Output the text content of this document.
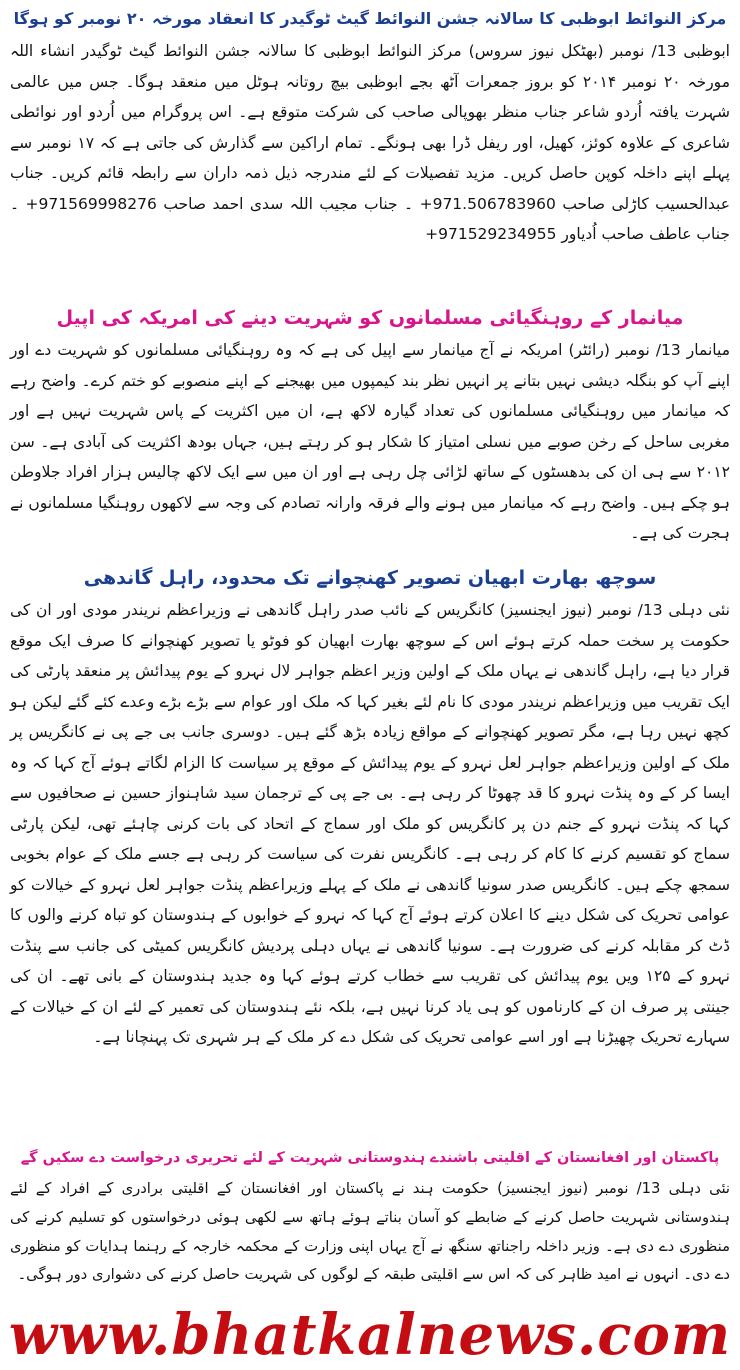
مرکز النوائط ابوظبی کا سالانہ جشن النوائط گیٹ ٹوگیدر کا انعقاد مورخہ ۲۰ نومبر کو ہوگا

ابوظبی 13/ نومبر (بھٹکل نیوز سروس) مرکز النوائط ابوظبی کا سالانہ جشن النوائط گیٹ ٹوگیدر انشاء اللہ مورخہ ۲۰ نومبر ۲۰۱۴ کو بروز جمعرات آٹھ بجے ابوظبی بیچ روتانہ ہوٹل میں منعقد ہوگا۔ جس میں عالمی شہرت یافتہ اُردو شاعر جناب منظر بھوپالی صاحب کی شرکت متوقع ہے۔ اس پروگرام میں اُردو اور نوائطی شاعری کے علاوہ کوئز، کھیل، اور ریفل ڈرا بھی ہونگے۔ تمام اراکین سے گذارش کی جاتی ہے کہ ۱۷ نومبر سے پہلے اپنے داخلہ کوپن حاصل کریں۔ مزید تفصیلات کے لئے مندرجہ ذیل ذمہ داران سے رابطہ قائم کریں۔ جناب عبدالحسیب کاڑلی صاحب 971.506783960+ ۔ جناب مجیب اللہ سدی احمد صاحب 971569998276+ ۔ جناب عاطف صاحب اُدیاور 971529234955+

میانمار کے روہنگیائی مسلمانوں کو شہریت دینے کی امریکہ کی اپیل

میانمار 13/ نومبر (رائٹر) امریکہ نے آج میانمار سے اپیل کی ہے کہ وہ روہنگیائی مسلمانوں کو شہریت دے اور اپنے آپ کو بنگلہ دیشی نہیں بتانے پر انہیں نظر بند کیمپوں میں بھیجنے کے اپنے منصوبے کو ختم کرے۔ واضح رہے کہ میانمار میں روہنگیائی مسلمانوں کی تعداد گیارہ لاکھ ہے، ان میں اکثریت کے پاس شہریت نہیں ہے اور مغربی ساحل کے رخن صوبے میں نسلی امتیاز کا شکار ہو کر رہتے ہیں، جہاں بودھ اکثریت کی آبادی ہے۔ سن ۲۰۱۲ سے ہی ان کی بدھسٹوں کے ساتھ لڑائی چل رہی ہے اور ان میں سے ایک لاکھ چالیس ہزار افراد جلاوطن ہو چکے ہیں۔ واضح رہے کہ میانمار میں ہونے والے فرقہ وارانہ تصادم کی وجہ سے لاکھوں روہنگیا مسلمانوں نے ہجرت کی ہے۔

سوچھ بھارت ابھیان تصویر کھنچوانے تک محدود، راہل گاندھی

نئی دہلی 13/ نومبر (نیوز ایجنسیز) کانگریس کے نائب صدر راہل گاندھی نے وزیراعظم نریندر مودی اور ان کی حکومت پر سخت حملہ کرتے ہوئے اس کے سوچھ بھارت ابھیان کو فوٹو یا تصویر کھنچوانے کا صرف ایک موقع قرار دیا ہے، راہل گاندھی نے یہاں ملک کے اولین وزیر اعظم جواہر لال نہرو کے یوم پیدائش پر منعقد پارٹی کی ایک تقریب میں وزیراعظم نریندر مودی کا نام لئے بغیر کہا کہ ملک اور عوام سے بڑے بڑے وعدے کئے گئے لیکن ہو کچھ نہیں رہا ہے، مگر تصویر کھنچوانے کے مواقع زیادہ بڑھ گئے ہیں۔ دوسری جانب بی جے پی نے کانگریس پر ملک کے اولین وزیراعظم جواہر لعل نہرو کے یوم پیدائش کے موقع پر سیاست کا الزام لگاتے ہوئے آج کہا کہ وہ ایسا کر کے وہ پنڈت نہرو کا قد چھوٹا کر رہی ہے۔ بی جے پی کے ترجمان سید شاہنواز حسین نے صحافیوں سے کہا کہ پنڈت نہرو کے جنم دن پر کانگریس کو ملک اور سماج کے اتحاد کی بات کرنی چاہئے تھی، لیکن پارٹی سماج کو تقسیم کرنے کا کام کر رہی ہے۔ کانگریس نفرت کی سیاست کر رہی ہے جسے ملک کے عوام بخوبی سمجھ چکے ہیں۔ کانگریس صدر سونیا گاندھی نے ملک کے پہلے وزیراعظم پنڈت جواہر لعل نہرو کے خیالات کو عوامی تحریک کی شکل دینے کا اعلان کرتے ہوئے آج کہا کہ نہرو کے خوابوں کے ہندوستان کو تباہ کرنے والوں کا ڈٹ کر مقابلہ کرنے کی ضرورت ہے۔ سونیا گاندھی نے یہاں دہلی پردیش کانگریس کمیٹی کی جانب سے پنڈت نہرو کے ۱۲۵ ویں یوم پیدائش کی تقریب سے خطاب کرتے ہوئے کہا وہ جدید ہندوستان کے بانی تھے۔ ان کی جینتی پر صرف ان کے کارناموں کو ہی یاد کرنا نہیں ہے، بلکہ نئے ہندوستان کی تعمیر کے لئے ان کے خیالات کے سہارے تحریک چھیڑنا ہے اور اسے عوامی تحریک کی شکل دے کر ملک کے ہر شہری تک پہنچانا ہے۔

پاکستان اور افغانستان کے اقلیتی باشندے ہندوستانی شہریت کے لئے تحریری درخواست دے سکیں گے

نئی دہلی 13/ نومبر (نیوز ایجنسیز) حکومت ہند نے پاکستان اور افغانستان کے اقلیتی برادری کے افراد کے لئے ہندوستانی شہریت حاصل کرنے کے ضابطے کو آسان بناتے ہوئے ہاتھ سے لکھی ہوئی درخواستوں کو تسلیم کرنے کی منظوری دے دی ہے۔ وزیر داخلہ راجناتھ سنگھ نے آج یہاں اپنی وزارت کے محکمہ خارجہ کے رہنما ہدایات کو منظوری دے دی۔ انہوں نے امید ظاہر کی کہ اس سے اقلیتی طبقہ کے لوگوں کی شہریت حاصل کرنے کی دشواری دور ہوگی۔

www.bhatkalnews.com
